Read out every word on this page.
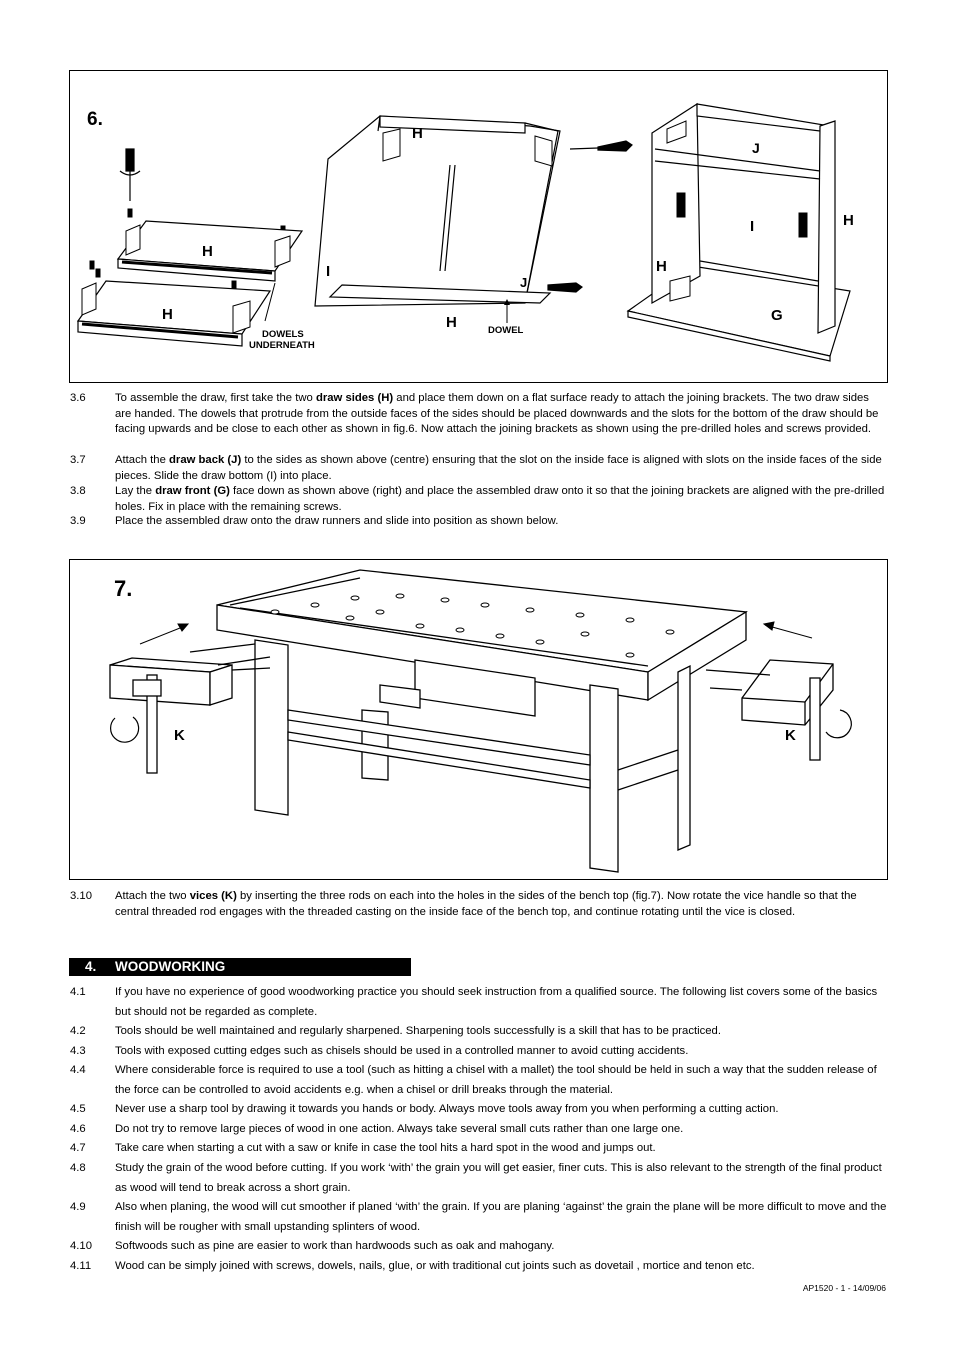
6.
H
H
DOWELS
UNDERNEATH
H
I
J
H	DOWEL
J
I	H
H
G
3.6	To assemble the draw, first take the two draw sides (H) and place them down on a flat surface ready to attach the joining brackets. The two draw sides are handed. The dowels that protrude from the outside faces of the sides should be placed downwards and the slots for the bottom of the draw should be facing upwards and be close to each other as shown in fig.6. Now attach the joining brackets as shown using the pre-drilled holes and screws provided.
3.7	Attach the draw back (J) to the sides as shown above (centre) ensuring that the slot on the inside face is aligned with slots on the inside faces of the side pieces. Slide the draw bottom (I) into place.
3.8	Lay the draw front (G) face down as shown above (right) and place the assembled draw onto it so that the joining brackets are aligned with the pre-drilled holes. Fix in place with the remaining screws.
3.9	Place the assembled draw onto the draw runners and slide into position as shown below.
7.
K	K
3.10 Attach the two vices (K) by inserting the three rods on each into the holes in the sides of the bench top (fig.7). Now rotate the vice handle so that the central threaded rod engages with the threaded casting on the inside face of the bench top, and continue rotating until the vice is closed.
4. WOODWORKING
4.1	If you have no experience of good woodworking practice you should seek instruction from a qualified source. The following list covers some of the basics but should not be regarded as complete.
4.2	Tools should be well maintained and regularly sharpened. Sharpening tools successfully is a skill that has to be practiced.
4.3	Tools with exposed cutting edges such as chisels should be used in a controlled manner to avoid cutting accidents.
4.4	Where considerable force is required to use a tool (such as hitting a chisel with a mallet) the tool should be held in such a way that the sudden release of the force can be controlled to avoid accidents e.g. when a chisel or drill breaks through the material.
4.5	Never use a sharp tool by drawing it towards you hands or body. Always move tools away from you when performing a cutting action.
4.6	Do not try to remove large pieces of wood in one action. Always take several small cuts rather than one large one.
4.7	Take care when starting a cut with a saw or knife in case the tool hits a hard spot in the wood and jumps out.
4.8	Study the grain of the wood before cutting. If you work ‘with’ the grain you will get easier, finer cuts. This is also relevant to the strength of the final product as wood will tend to break across a short grain.
4.9	Also when planing, the wood will cut smoother if planed ‘with’ the grain. If you are planing ‘against’ the grain the plane will be more difficult to move and the finish will be rougher with small upstanding splinters of wood.
4.10 Softwoods such as pine are easier to work than hardwoods such as oak and mahogany.
4.11 Wood can be simply joined with screws, dowels, nails, glue, or with traditional cut joints such as dovetail , mortice and tenon etc.
AP1520 - 1 - 14/09/06
